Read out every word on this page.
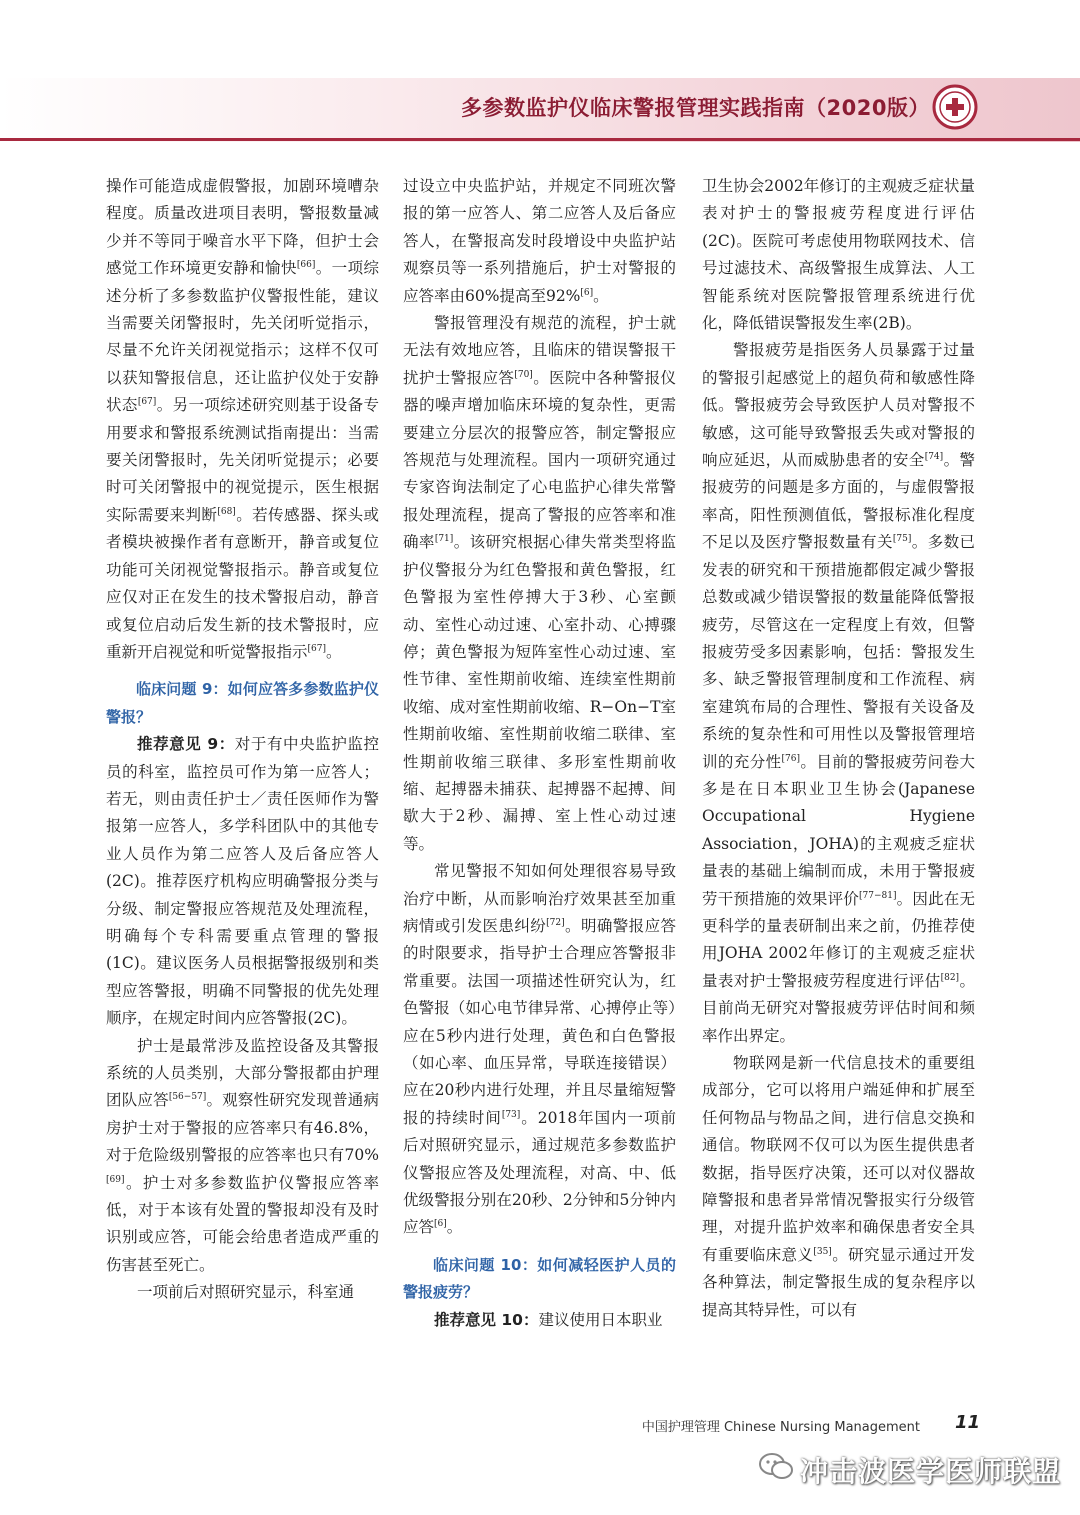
多参数监护仪临床警报管理实践指南（2020版）

操作可能造成虚假警报，加剧环境嘈杂程度。质量改进项目表明，警报数量减少并不等同于噪音水平下降，但护士会感觉工作环境更安静和愉快[66]。一项综述分析了多参数监护仪警报性能，建议当需要关闭警报时，先关闭听觉指示，尽量不允许关闭视觉指示；这样不仅可以获知警报信息，还让监护仪处于安静状态[67]。另一项综述研究则基于设备专用要求和警报系统测试指南提出：当需要关闭警报时，先关闭听觉提示；必要时可关闭警报中的视觉提示，医生根据实际需要来判断[68]。若传感器、探头或者模块被操作者有意断开，静音或复位功能可关闭视觉警报指示。静音或复位应仅对正在发生的技术警报启动，静音或复位启动后发生新的技术警报时，应重新开启视觉和听觉警报指示[67]。

临床问题 9：如何应答多参数监护仪警报？

推荐意见 9：对于有中央监护监控员的科室，监控员可作为第一应答人；若无，则由责任护士／责任医师作为警报第一应答人，多学科团队中的其他专业人员作为第二应答人及后备应答人(2C)。推荐医疗机构应明确警报分类与分级、制定警报应答规范及处理流程，明确每个专科需要重点管理的警报(1C)。建议医务人员根据警报级别和类型应答警报，明确不同警报的优先处理顺序，在规定时间内应答警报(2C)。

护士是最常涉及监控设备及其警报系统的人员类别，大部分警报都由护理团队应答[56−57]。观察性研究发现普通病房护士对于警报的应答率只有46.8%，对于危险级别警报的应答率也只有70%[69]。护士对多参数监护仪警报应答率低，对于本该有处置的警报却没有及时识别或应答，可能会给患者造成严重的伤害甚至死亡。

一项前后对照研究显示，科室通

过设立中央监护站，并规定不同班次警报的第一应答人、第二应答人及后备应答人，在警报高发时段增设中央监护站观察员等一系列措施后，护士对警报的应答率由60%提高至92%[6]。

警报管理没有规范的流程，护士就无法有效地应答，且临床的错误警报干扰护士警报应答[70]。医院中各种警报仪器的噪声增加临床环境的复杂性，更需要建立分层次的报警应答，制定警报应答规范与处理流程。国内一项研究通过专家咨询法制定了心电监护心律失常警报处理流程，提高了警报的应答率和准确率[71]。该研究根据心律失常类型将监护仪警报分为红色警报和黄色警报，红色警报为室性停搏大于3秒、心室颤动、室性心动过速、心室扑动、心搏骤停；黄色警报为短阵室性心动过速、室性节律、室性期前收缩、连续室性期前收缩、成对室性期前收缩、R−On−T室性期前收缩、室性期前收缩二联律、室性期前收缩三联律、多形室性期前收缩、起搏器未捕获、起搏器不起搏、间歇大于2秒、漏搏、室上性心动过速等。

常见警报不知如何处理很容易导致治疗中断，从而影响治疗效果甚至加重病情或引发医患纠纷[72]。明确警报应答的时限要求，指导护士合理应答警报非常重要。法国一项描述性研究认为，红色警报（如心电节律异常、心搏停止等）应在5秒内进行处理，黄色和白色警报（如心率、血压异常，导联连接错误）应在20秒内进行处理，并且尽量缩短警报的持续时间[73]。2018年国内一项前后对照研究显示，通过规范多参数监护仪警报应答及处理流程，对高、中、低优级警报分别在20秒、2分钟和5分钟内应答[6]。

临床问题 10：如何减轻医护人员的警报疲劳？

推荐意见 10：建议使用日本职业

卫生协会2002年修订的主观疲乏症状量表对护士的警报疲劳程度进行评估(2C)。医院可考虑使用物联网技术、信号过滤技术、高级警报生成算法、人工智能系统对医院警报管理系统进行优化，降低错误警报发生率(2B)。

警报疲劳是指医务人员暴露于过量的警报引起感觉上的超负荷和敏感性降低。警报疲劳会导致医护人员对警报不敏感，这可能导致警报丢失或对警报的响应延迟，从而威胁患者的安全[74]。警报疲劳的问题是多方面的，与虚假警报率高，阳性预测值低，警报标准化程度不足以及医疗警报数量有关[75]。多数已发表的研究和干预措施都假定减少警报总数或减少错误警报的数量能降低警报疲劳，尽管这在一定程度上有效，但警报疲劳受多因素影响，包括：警报发生多、缺乏警报管理制度和工作流程、病室建筑布局的合理性、警报有关设备及系统的复杂性和可用性以及警报管理培训的充分性[76]。目前的警报疲劳问卷大多是在日本职业卫生协会(Japanese Occupational Hygiene Association，JOHA)的主观疲乏症状量表的基础上编制而成，未用于警报疲劳干预措施的效果评价[77−81]。因此在无更科学的量表研制出来之前，仍推荐使用JOHA 2002年修订的主观疲乏症状量表对护士警报疲劳程度进行评估[82]。目前尚无研究对警报疲劳评估时间和频率作出界定。

物联网是新一代信息技术的重要组成部分，它可以将用户端延伸和扩展至任何物品与物品之间，进行信息交换和通信。物联网不仅可以为医生提供患者数据，指导医疗决策，还可以对仪器故障警报和患者异常情况警报实行分级管理，对提升监护效率和确保患者安全具有重要临床意义[35]。研究显示通过开发各种算法，制定警报生成的复杂程序以提高其特异性，可以有

中国护理管理 Chinese Nursing Management 11
冲击波医学医师联盟
